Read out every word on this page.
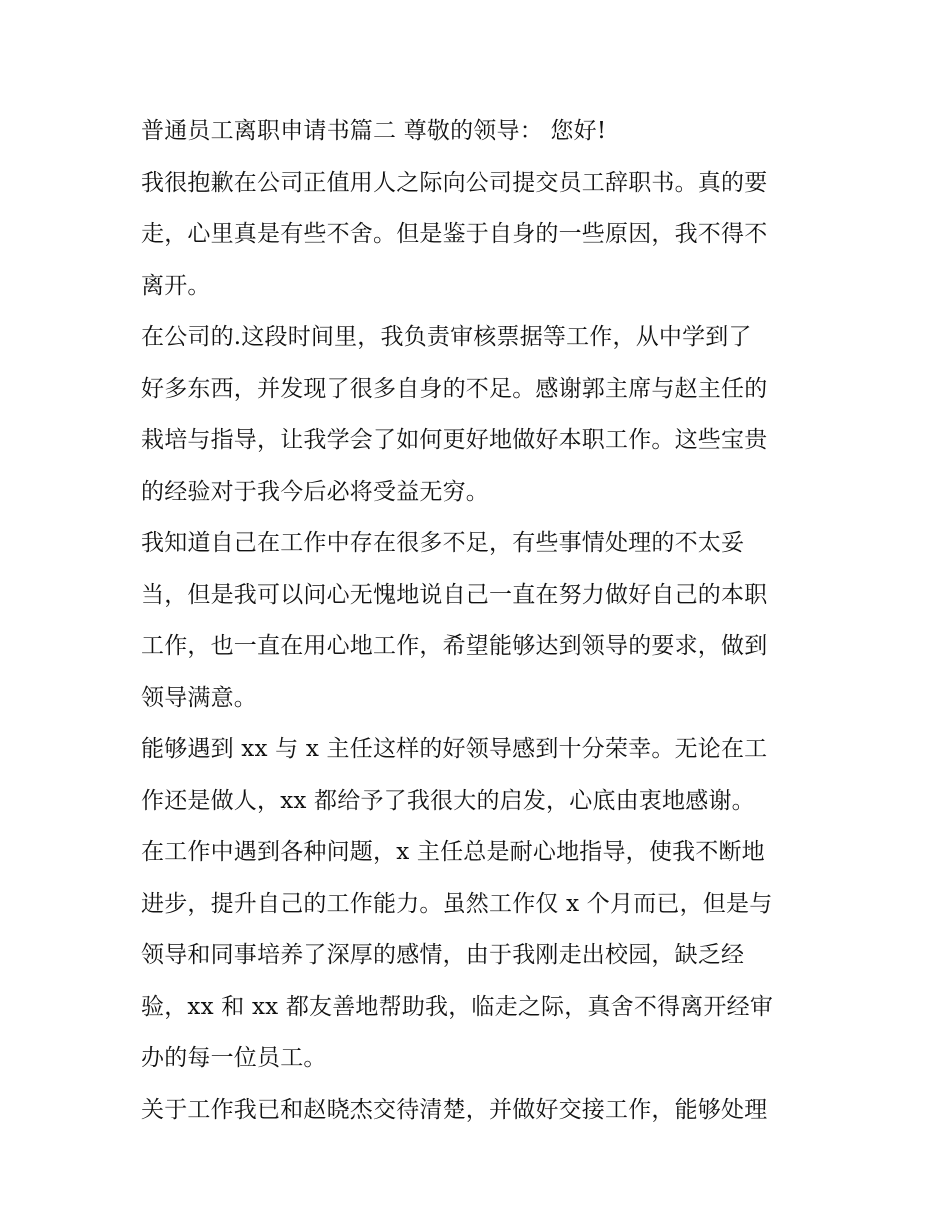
普通员工离职申请书篇二 尊敬的领导： 您好!
我很抱歉在公司正值用人之际向公司提交员工辞职书。真的要
走，心里真是有些不舍。但是鉴于自身的一些原因，我不得不
离开。
在公司的.这段时间里，我负责审核票据等工作，从中学到了
好多东西，并发现了很多自身的不足。感谢郭主席与赵主任的
栽培与指导，让我学会了如何更好地做好本职工作。这些宝贵
的经验对于我今后必将受益无穷。
我知道自己在工作中存在很多不足，有些事情处理的不太妥
当，但是我可以问心无愧地说自己一直在努力做好自己的本职
工作，也一直在用心地工作，希望能够达到领导的要求，做到
领导满意。
能够遇到 xx 与 x 主任这样的好领导感到十分荣幸。无论在工
作还是做人，xx 都给予了我很大的启发，心底由衷地感谢。
在工作中遇到各种问题，x 主任总是耐心地指导，使我不断地
进步，提升自己的工作能力。虽然工作仅 x 个月而已，但是与
领导和同事培养了深厚的感情，由于我刚走出校园，缺乏经
验，xx 和 xx 都友善地帮助我，临走之际，真舍不得离开经审
办的每一位员工。
关于工作我已和赵晓杰交待清楚，并做好交接工作，能够处理
